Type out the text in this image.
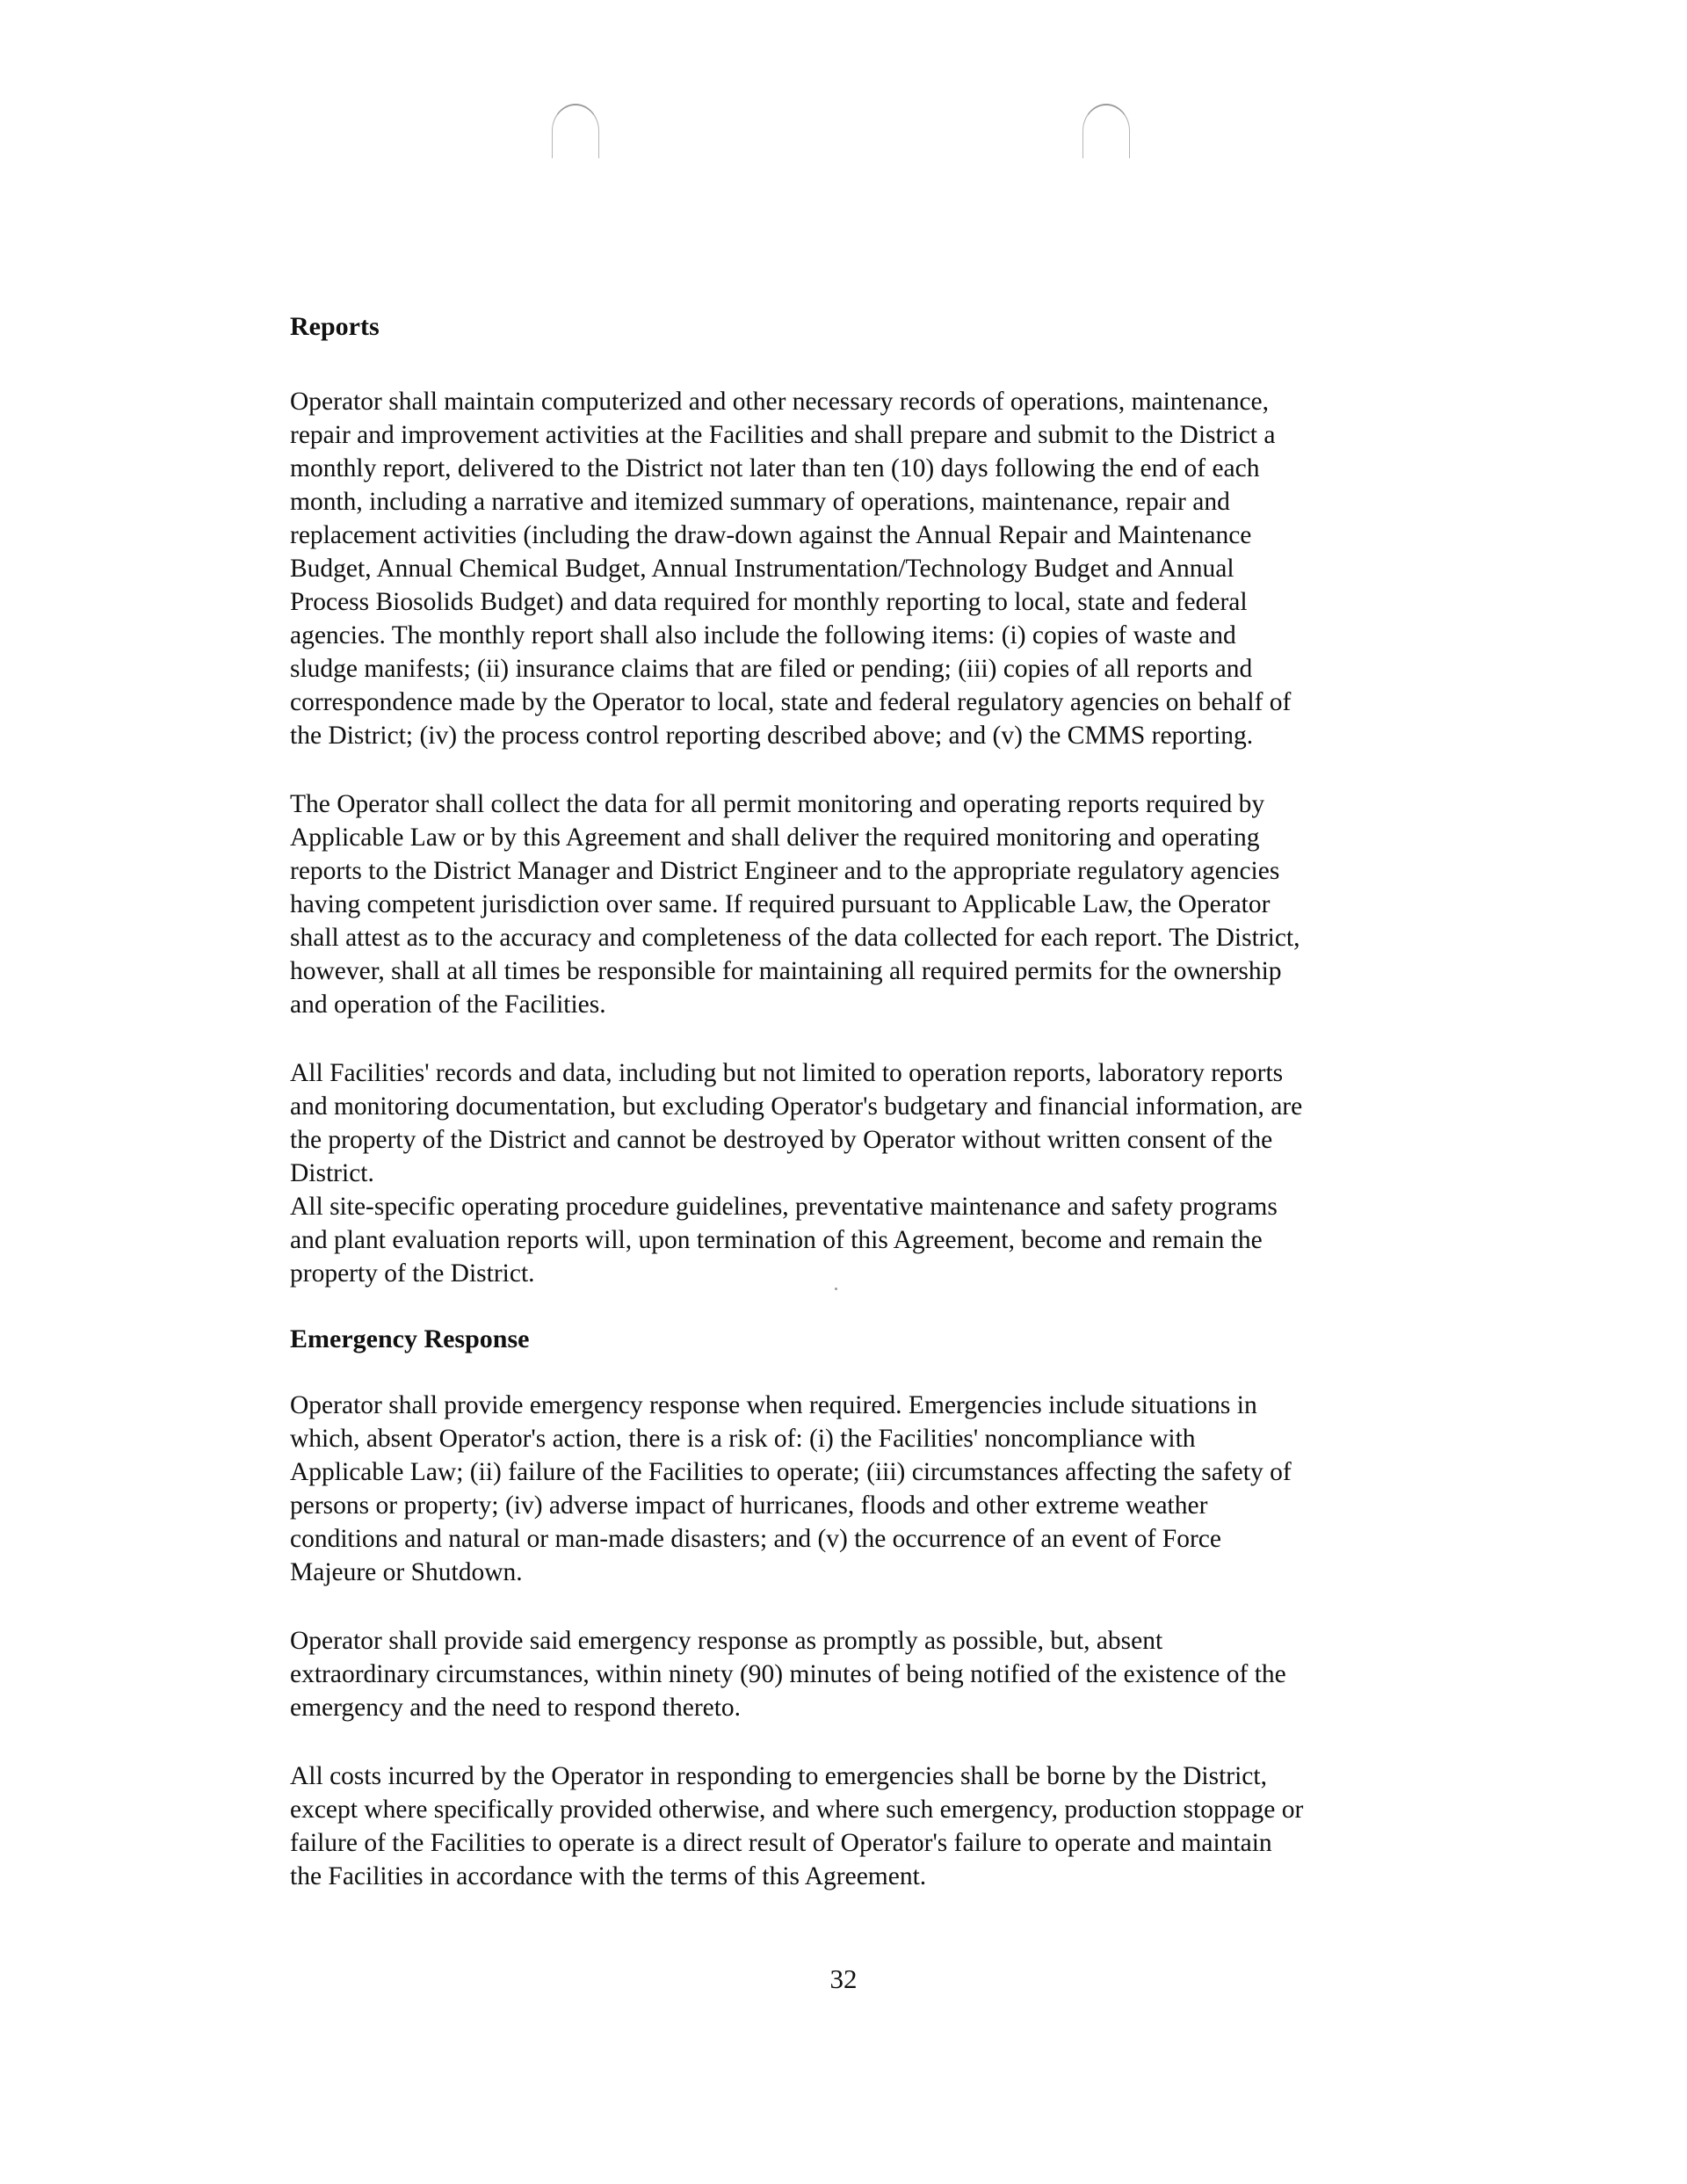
Reports

Operator shall maintain computerized and other necessary records of operations, maintenance,
repair and improvement activities at the Facilities and shall prepare and submit to the District a
monthly report, delivered to the District not later than ten (10) days following the end of each
month, including a narrative and itemized summary of operations, maintenance, repair and
replacement activities (including the draw-down against the Annual Repair and Maintenance
Budget, Annual Chemical Budget, Annual Instrumentation/Technology Budget and Annual
Process Biosolids Budget) and data required for monthly reporting to local, state and federal
agencies. The monthly report shall also include the following items: (i) copies of waste and
sludge manifests; (ii) insurance claims that are filed or pending; (iii) copies of all reports and
correspondence made by the Operator to local, state and federal regulatory agencies on behalf of
the District; (iv) the process control reporting described above; and (v) the CMMS reporting.

The Operator shall collect the data for all permit monitoring and operating reports required by
Applicable Law or by this Agreement and shall deliver the required monitoring and operating
reports to the District Manager and District Engineer and to the appropriate regulatory agencies
having competent jurisdiction over same. If required pursuant to Applicable Law, the Operator
shall attest as to the accuracy and completeness of the data collected for each report. The District,
however, shall at all times be responsible for maintaining all required permits for the ownership
and operation of the Facilities.

All Facilities' records and data, including but not limited to operation reports, laboratory reports
and monitoring documentation, but excluding Operator's budgetary and financial information, are
the property of the District and cannot be destroyed by Operator without written consent of the
District.

All site-specific operating procedure guidelines, preventative maintenance and safety programs
and plant evaluation reports will, upon termination of this Agreement, become and remain the
property of the District.

Emergency Response

Operator shall provide emergency response when required. Emergencies include situations in
which, absent Operator's action, there is a risk of: (i) the Facilities' noncompliance with
Applicable Law; (ii) failure of the Facilities to operate; (iii) circumstances affecting the safety of
persons or property; (iv) adverse impact of hurricanes, floods and other extreme weather
conditions and natural or man-made disasters; and (v) the occurrence of an event of Force
Majeure or Shutdown.

Operator shall provide said emergency response as promptly as possible, but, absent
extraordinary circumstances, within ninety (90) minutes of being notified of the existence of the
emergency and the need to respond thereto.

All costs incurred by the Operator in responding to emergencies shall be borne by the District,
except where specifically provided otherwise, and where such emergency, production stoppage or
failure of the Facilities to operate is a direct result of Operator's failure to operate and maintain
the Facilities in accordance with the terms of this Agreement.

32
